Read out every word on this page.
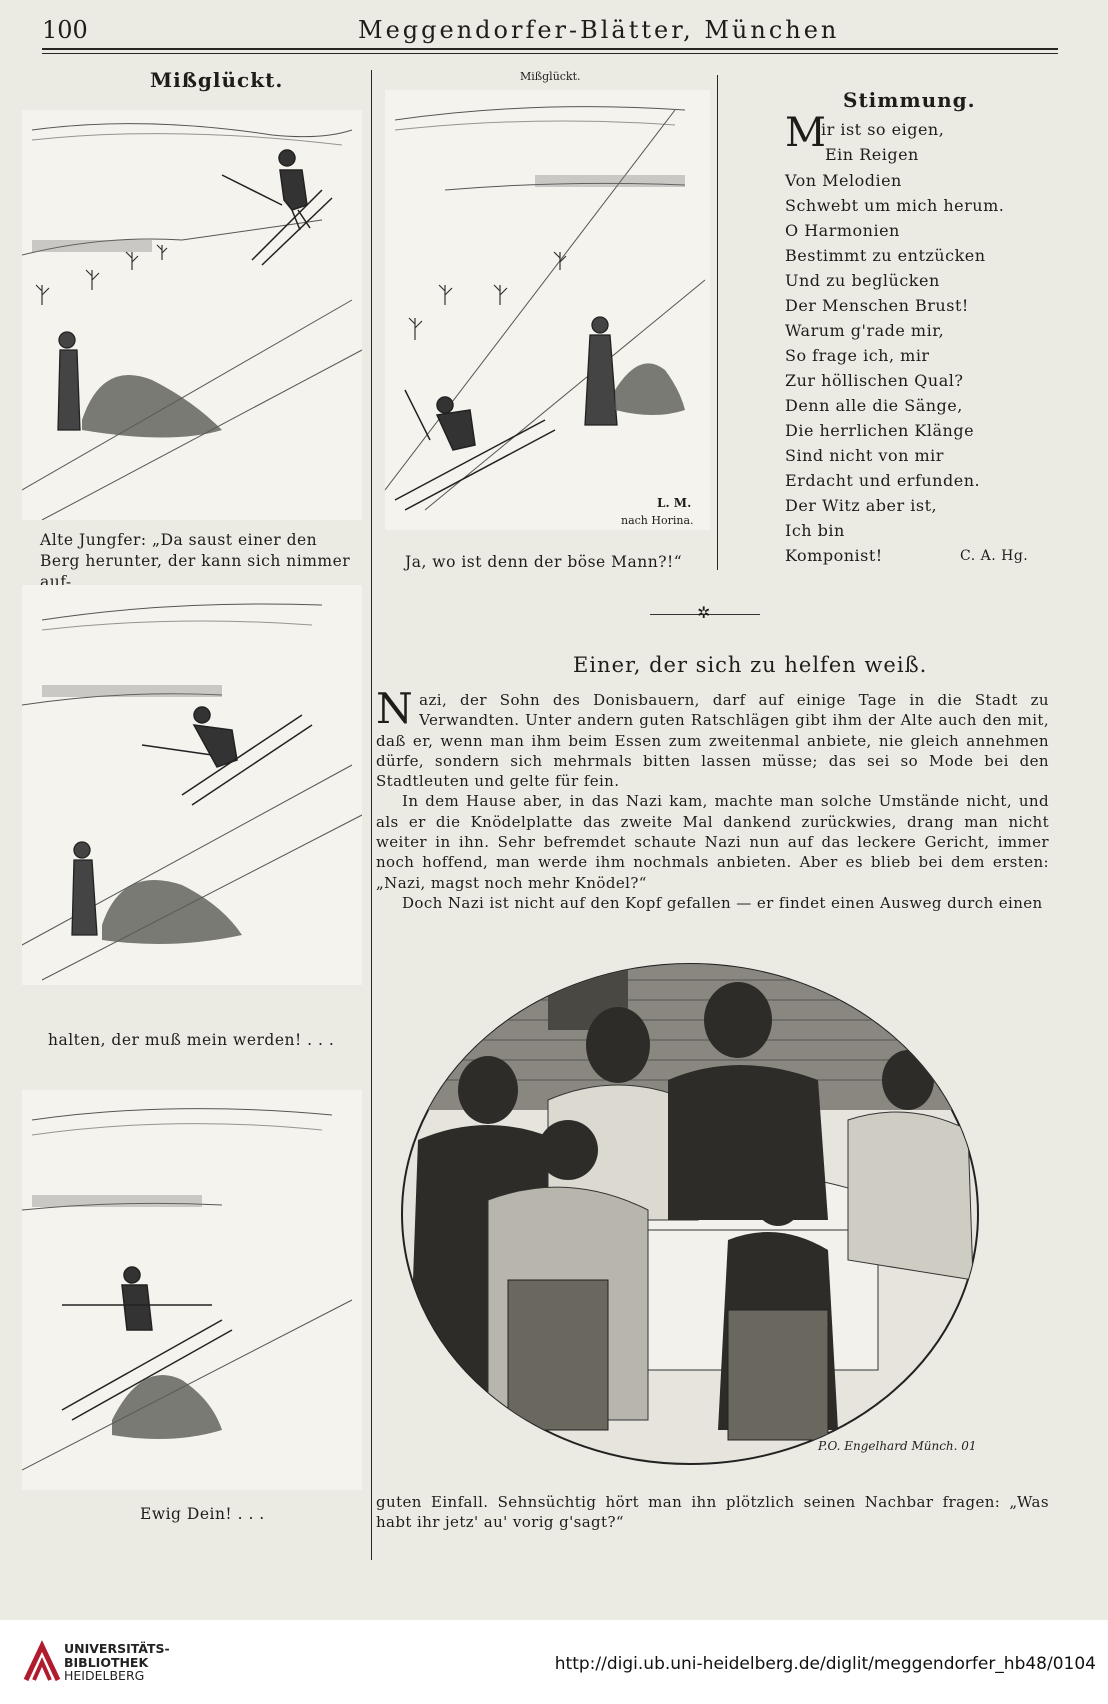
100	Meggendorfer-Blätter, München
Mißglückt.
Alte Jungfer: „Da saust einer den Berg herunter, der kann sich nimmer auf-
halten, der muß mein werden! . . .
Ewig Dein! . . .
Mißglückt.
L. M.
nach Horina.
Ja, wo ist denn der böse Mann?!“
Stimmung.
M
ir ist so eigen,
Ein Reigen
Von Melodien
Schwebt um mich herum.
O Harmonien
Bestimmt zu entzücken
Und zu beglücken
Der Menschen Brust!
Warum g'rade mir,
So frage ich, mir
Zur höllischen Qual?
Denn alle die Sänge,
Die herrlichen Klänge
Sind nicht von mir
Erdacht und erfunden.
Der Witz aber ist,
Ich bin
Komponist!	C. A. Hg.
✲
Einer, der sich zu helfen weiß.

Nazi, der Sohn des Donisbauern, darf auf einige Tage in die Stadt zu Verwandten. Unter andern guten Ratschlägen gibt ihm der Alte auch den mit, daß er, wenn man ihm beim Essen zum zweitenmal anbiete, nie gleich annehmen dürfe, sondern sich mehrmals bitten lassen müsse; das sei so Mode bei den Stadtleuten und gelte für fein.

In dem Hause aber, in das Nazi kam, machte man solche Umstände nicht, und als er die Knödelplatte das zweite Mal dankend zurückwies, drang man nicht weiter in ihn. Sehr befremdet schaute Nazi nun auf das leckere Gericht, immer noch hoffend, man werde ihm nochmals anbieten. Aber es blieb bei dem ersten: „Nazi, magst noch mehr Knödel?“

Doch Nazi ist nicht auf den Kopf gefallen — er findet einen Ausweg durch einen

P.O. Engelhard Münch. 01
guten Einfall. Sehnsüchtig hört man ihn plötzlich seinen Nachbar fragen: „Was habt ihr jetz' au' vorig g'sagt?“
UNIVERSITÄTS-
BIBLIOTHEK
HEIDELBERG
http://digi.ub.uni-heidelberg.de/diglit/meggendorfer_hb48/0104
